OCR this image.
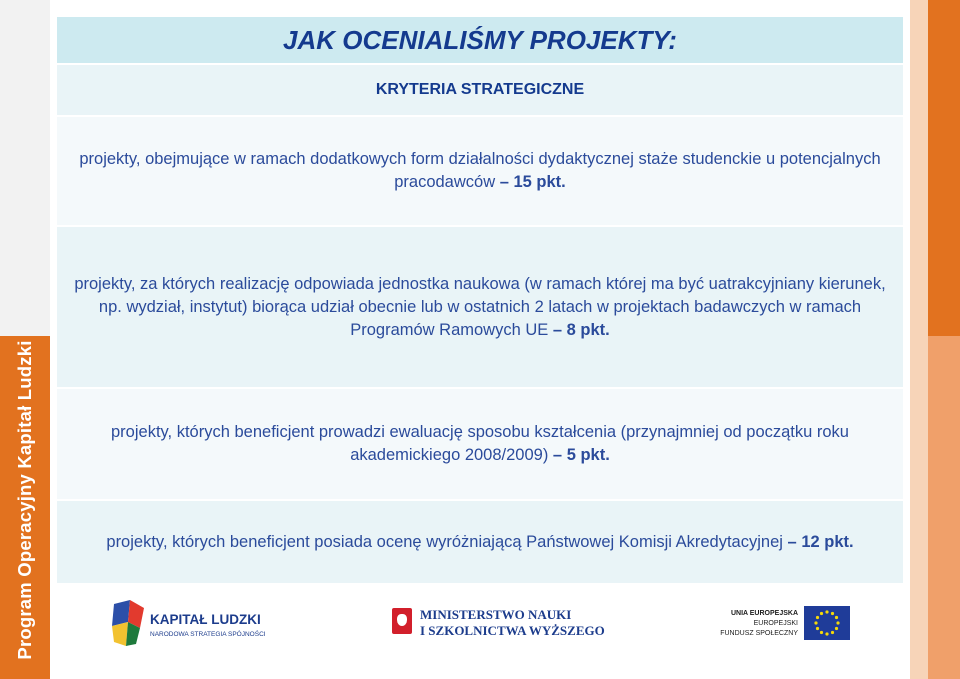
Program Operacyjny Kapitał Ludzki
JAK OCENIALIŚMY PROJEKTY:
KRYTERIA STRATEGICZNE
projekty, obejmujące w ramach dodatkowych form działalności dydaktycznej staże studenckie u potencjalnych pracodawców – 15 pkt.
projekty, za których realizację odpowiada jednostka naukowa (w ramach której ma być uatrakcyjniany kierunek, np. wydział, instytut) biorąca udział obecnie lub w ostatnich 2 latach w projektach badawczych w ramach Programów Ramowych UE – 8 pkt.
projekty, których beneficjent prowadzi ewaluację sposobu kształcenia (przynajmniej od początku roku akademickiego 2008/2009) – 5 pkt.
projekty, których beneficjent posiada ocenę wyróżniającą Państwowej Komisji Akredytacyjnej – 12 pkt.
KAPITAŁ LUDZKI
NARODOWA STRATEGIA SPÓJNOŚCI
MINISTERSTWO NAUKI
I SZKOLNICTWA WYŻSZEGO
UNIA EUROPEJSKA
EUROPEJSKI
FUNDUSZ SPOŁECZNY
